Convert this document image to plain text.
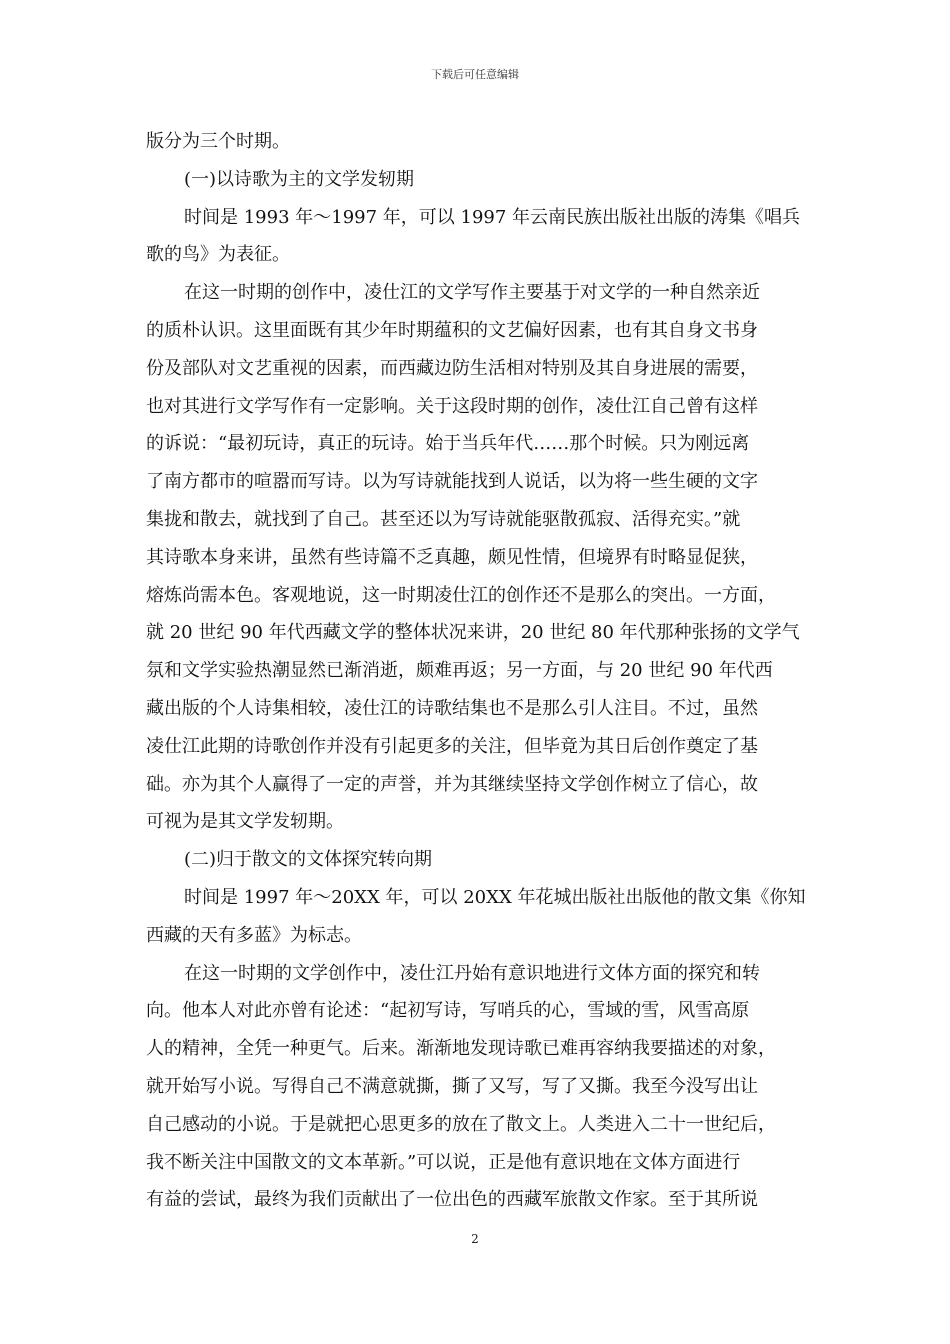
下载后可任意编辑
版分为三个时期。
(一)以诗歌为主的文学发轫期
时间是 1993 年～1997 年，可以 1997 年云南民族出版社出版的涛集《唱兵
歌的鸟》为表征。
在这一时期的创作中，凌仕江的文学写作主要基于对文学的一种自然亲近
的质朴认识。这里面既有其少年时期蕴积的文艺偏好因素，也有其自身文书身
份及部队对文艺重视的因素，而西藏边防生活相对特别及其自身进展的需要，
也对其进行文学写作有一定影响。关于这段时期的创作，凌仕江自己曾有这样
的诉说：“最初玩诗，真正的玩诗。始于当兵年代……那个时候。只为刚远离
了南方都市的喧嚣而写诗。以为写诗就能找到人说话，以为将一些生硬的文字
集拢和散去，就找到了自己。甚至还以为写诗就能驱散孤寂、活得充实。”就
其诗歌本身来讲，虽然有些诗篇不乏真趣，颇见性情，但境界有时略显促狭，
熔炼尚需本色。客观地说，这一时期凌仕江的创作还不是那么的突出。一方面，
就 20 世纪 90 年代西藏文学的整体状况来讲，20 世纪 80 年代那种张扬的文学气
氛和文学实验热潮显然已渐消逝，颇难再返；另一方面，与 20 世纪 90 年代西
藏出版的个人诗集相较，凌仕江的诗歌结集也不是那么引人注目。不过，虽然
凌仕江此期的诗歌创作并没有引起更多的关注，但毕竟为其日后创作奠定了基
础。亦为其个人赢得了一定的声誉，并为其继续坚持文学创作树立了信心，故
可视为是其文学发轫期。
(二)归于散文的文体探究转向期
时间是 1997 年～20XX 年，可以 20XX 年花城出版社出版他的散文集《你知
西藏的天有多蓝》为标志。
在这一时期的文学创作中，凌仕江丹始有意识地进行文体方面的探究和转
向。他本人对此亦曾有论述：“起初写诗，写哨兵的心，雪域的雪，风雪高原
人的精神，全凭一种更气。后来。渐渐地发现诗歌已难再容纳我要描述的对象，
就开始写小说。写得自己不满意就撕，撕了又写，写了又撕。我至今没写出让
自己感动的小说。于是就把心思更多的放在了散文上。人类进入二十一世纪后，
我不断关注中国散文的文本革新。”可以说，正是他有意识地在文体方面进行
有益的尝试，最终为我们贡献出了一位出色的西藏军旅散文作家。至于其所说
2
